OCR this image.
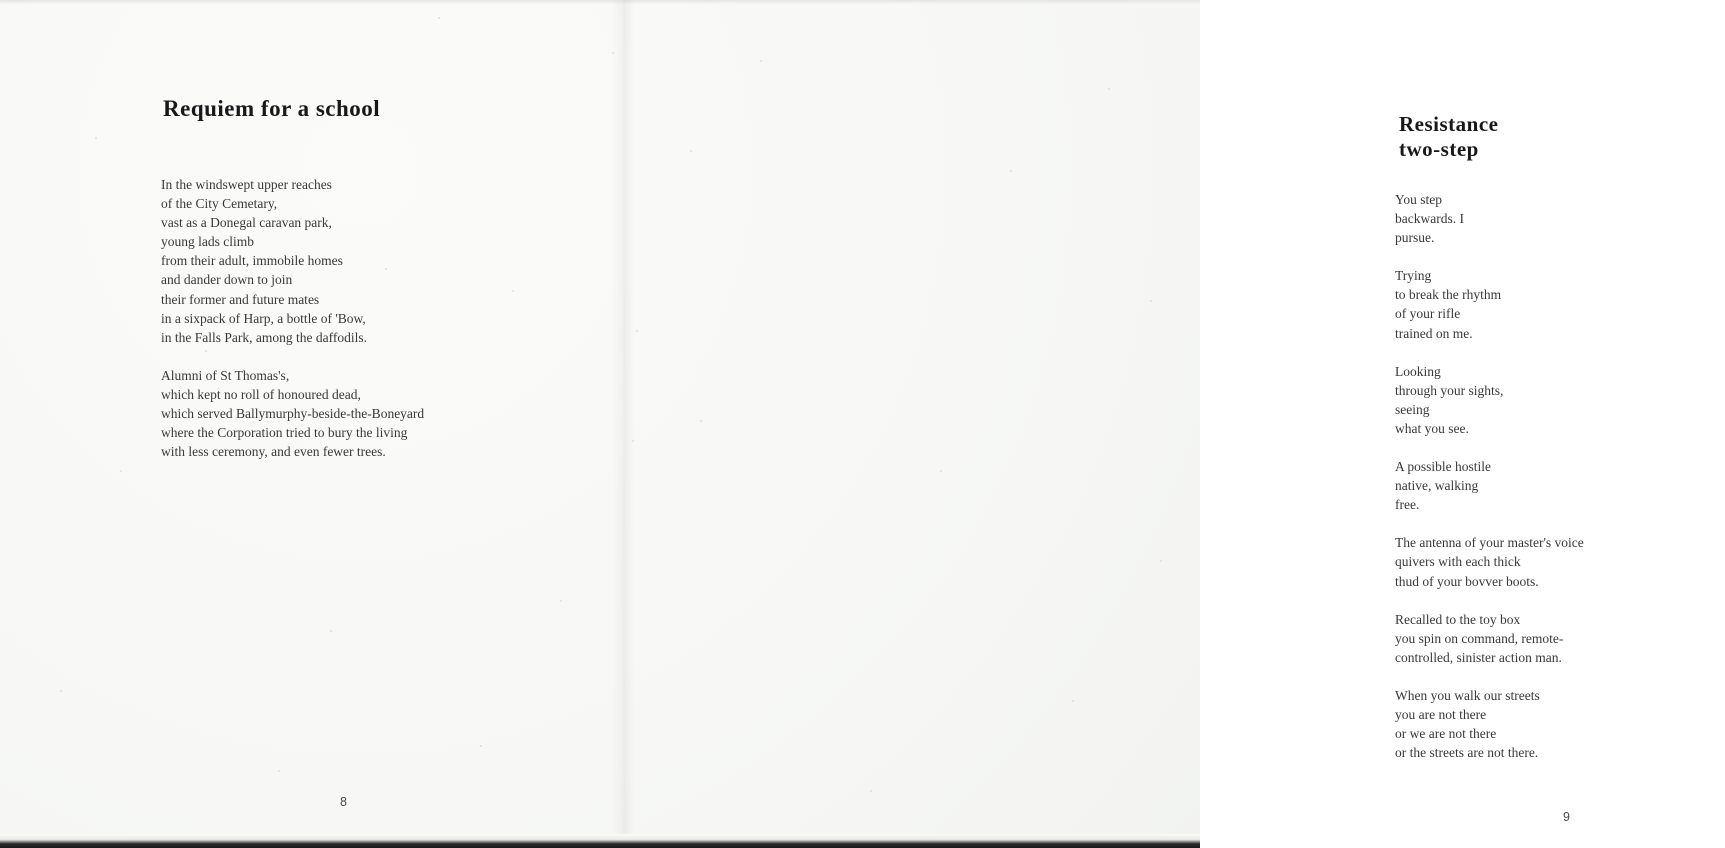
Requiem for a school

In the windswept upper reaches
of the City Cemetary,
vast as a Donegal caravan park,
young lads climb
from their adult, immobile homes
and dander down to join
their former and future mates
in a sixpack of Harp, a bottle of 'Bow,
in the Falls Park, among the daffodils.

Alumni of St Thomas's,
which kept no roll of honoured dead,
which served Ballymurphy-beside-the-Boneyard
where the Corporation tried to bury the living
with less ceremony, and even fewer trees.

8
Resistance two-step

You step
backwards. I
pursue.

Trying
to break the rhythm
of your rifle
trained on me.

Looking
through your sights,
seeing
what you see.

A possible hostile
native, walking
free.

The antenna of your master's voice
quivers with each thick
thud of your bovver boots.

Recalled to the toy box
you spin on command, remote-
controlled, sinister action man.

When you walk our streets
you are not there
or we are not there
or the streets are not there.

9
